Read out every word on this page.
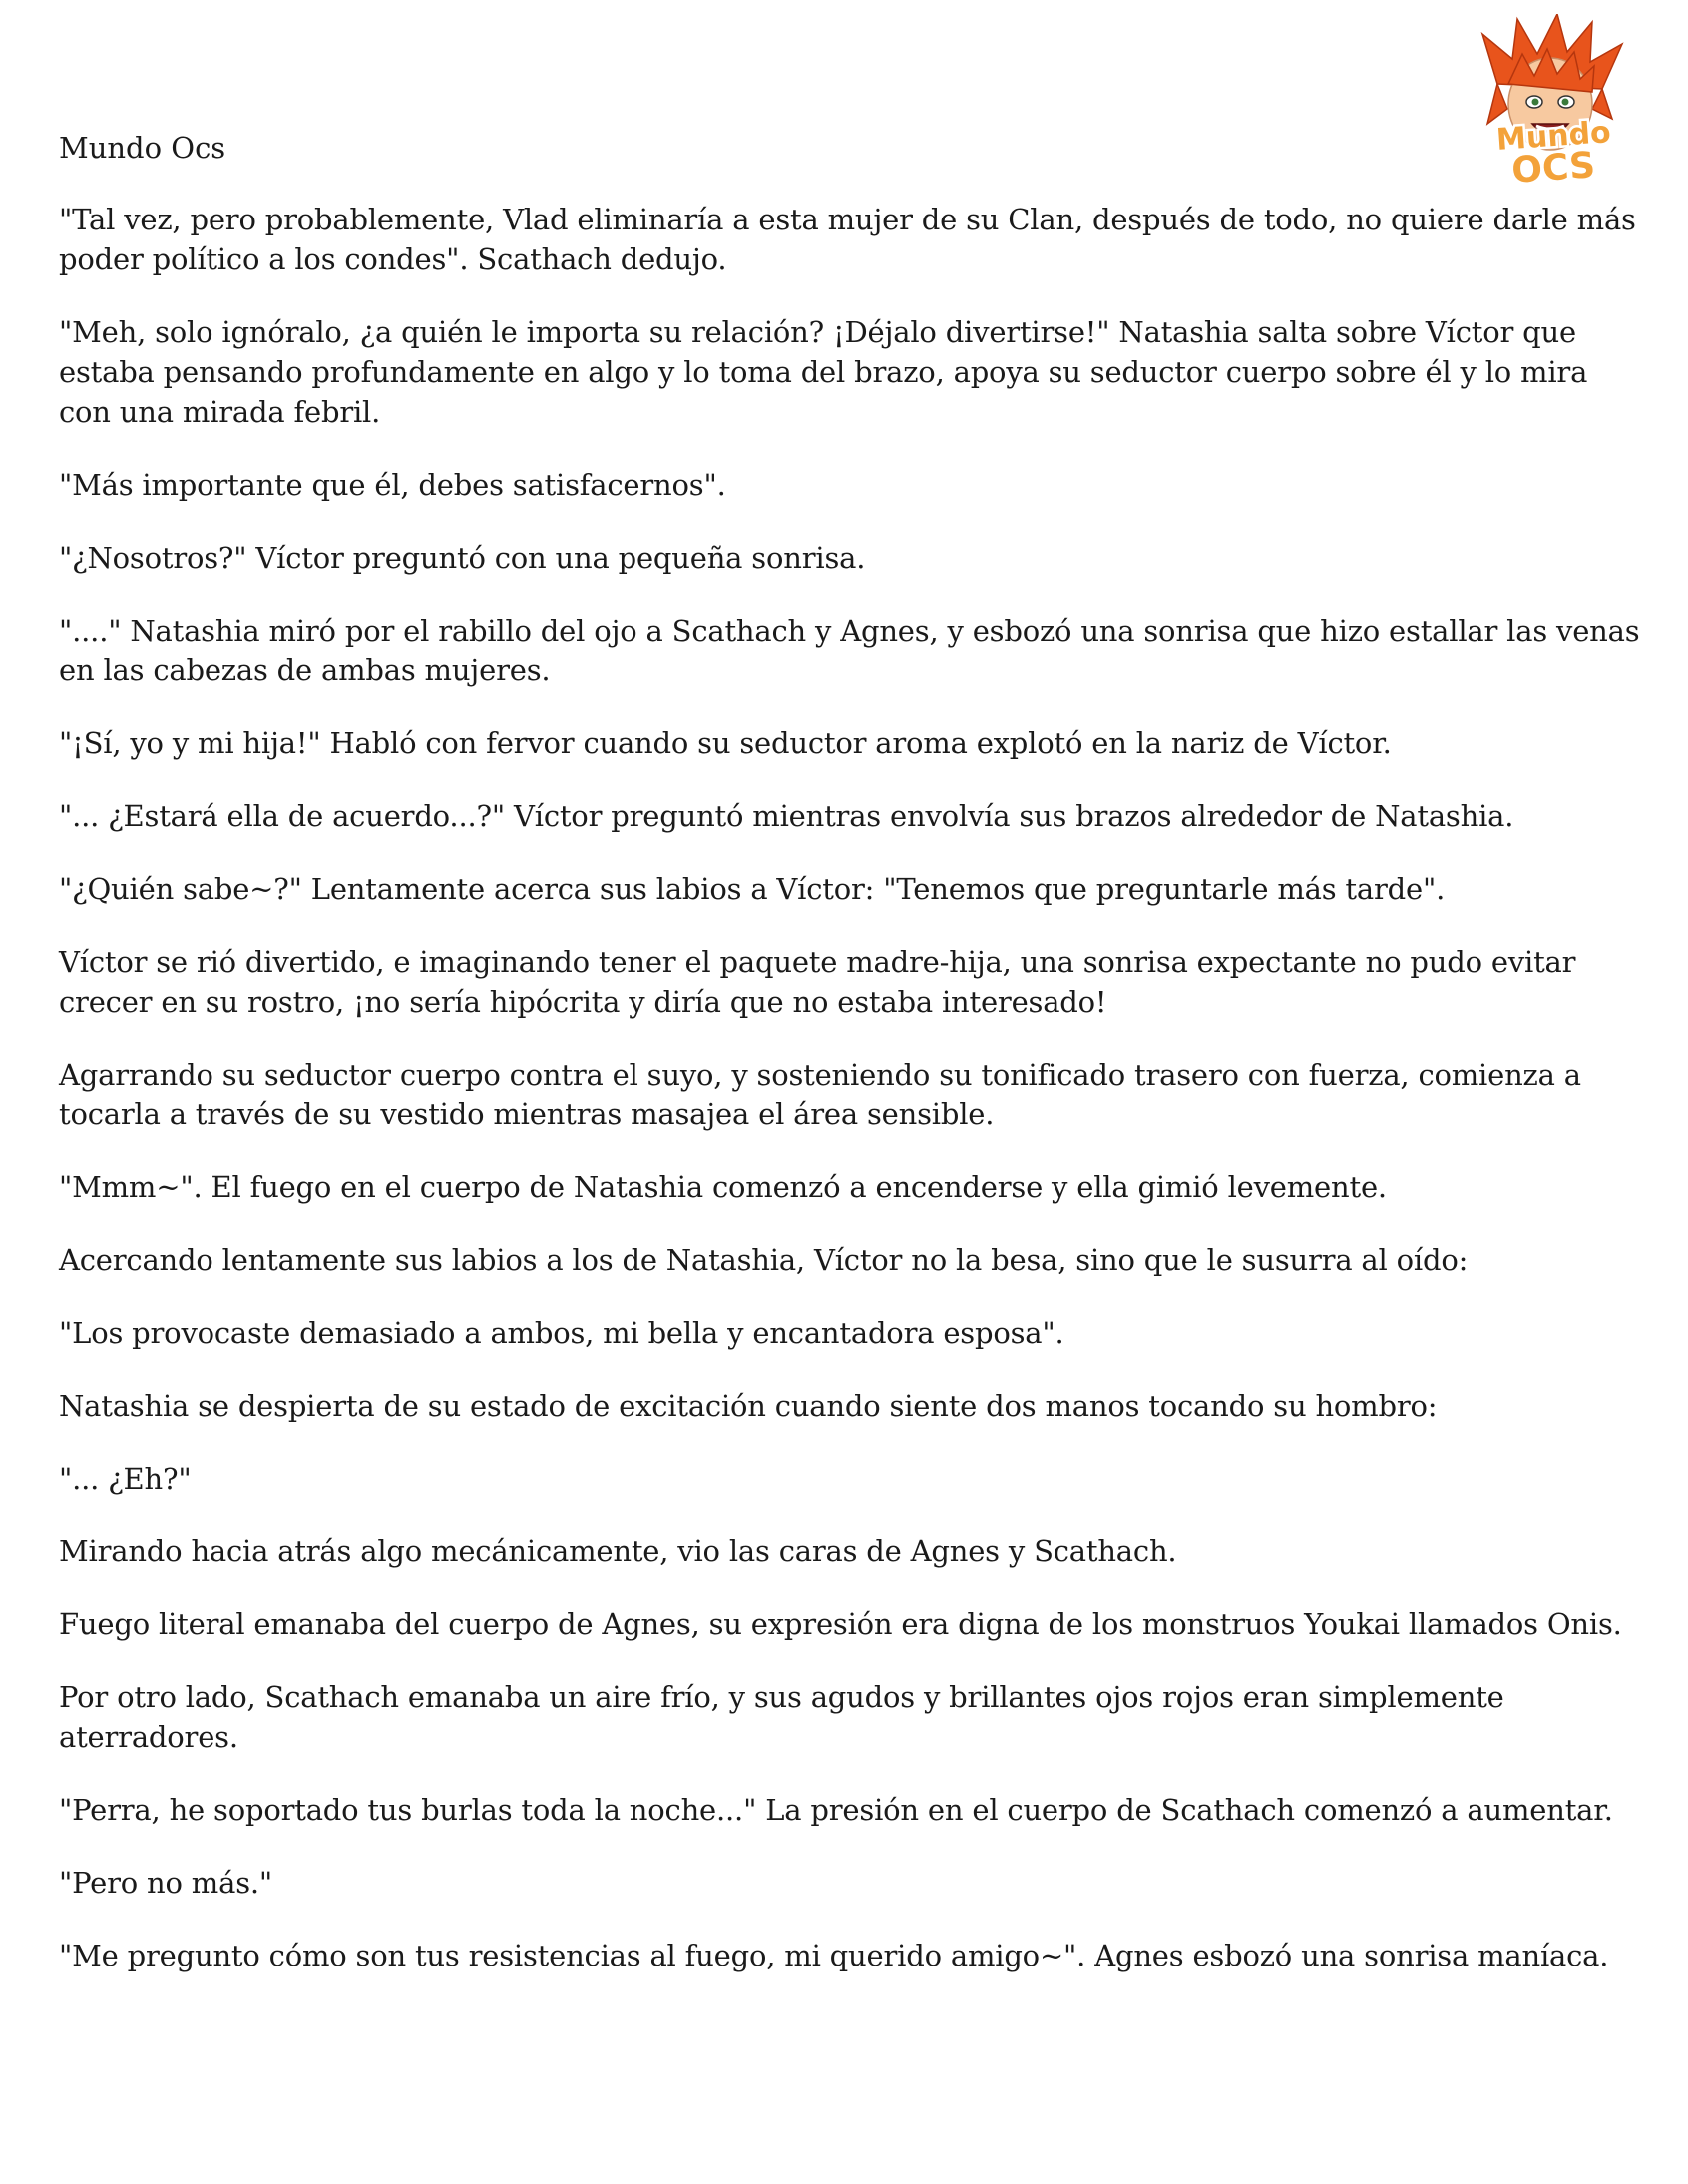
Mundo
OCS
Mundo Ocs

"Tal vez, pero probablemente, Vlad eliminaría a esta mujer de su Clan, después de todo, no quiere darle más poder político a los condes". Scathach dedujo.

"Meh, solo ignóralo, ¿a quién le importa su relación? ¡Déjalo divertirse!" Natashia salta sobre Víctor que estaba pensando profundamente en algo y lo toma del brazo, apoya su seductor cuerpo sobre él y lo mira con una mirada febril.

"Más importante que él, debes satisfacernos".

"¿Nosotros?" Víctor preguntó con una pequeña sonrisa.

"...." Natashia miró por el rabillo del ojo a Scathach y Agnes, y esbozó una sonrisa que hizo estallar las venas en las cabezas de ambas mujeres.

"¡Sí, yo y mi hija!" Habló con fervor cuando su seductor aroma explotó en la nariz de Víctor.

"... ¿Estará ella de acuerdo...?" Víctor preguntó mientras envolvía sus brazos alrededor de Natashia.

"¿Quién sabe~?" Lentamente acerca sus labios a Víctor: "Tenemos que preguntarle más tarde".

Víctor se rió divertido, e imaginando tener el paquete madre-hija, una sonrisa expectante no pudo evitar crecer en su rostro, ¡no sería hipócrita y diría que no estaba interesado!

Agarrando su seductor cuerpo contra el suyo, y sosteniendo su tonificado trasero con fuerza, comienza a tocarla a través de su vestido mientras masajea el área sensible.

"Mmm~". El fuego en el cuerpo de Natashia comenzó a encenderse y ella gimió levemente.

Acercando lentamente sus labios a los de Natashia, Víctor no la besa, sino que le susurra al oído:

"Los provocaste demasiado a ambos, mi bella y encantadora esposa".

Natashia se despierta de su estado de excitación cuando siente dos manos tocando su hombro:

"... ¿Eh?"

Mirando hacia atrás algo mecánicamente, vio las caras de Agnes y Scathach.

Fuego literal emanaba del cuerpo de Agnes, su expresión era digna de los monstruos Youkai llamados Onis.

Por otro lado, Scathach emanaba un aire frío, y sus agudos y brillantes ojos rojos eran simplemente aterradores.

"Perra, he soportado tus burlas toda la noche..." La presión en el cuerpo de Scathach comenzó a aumentar.

"Pero no más."

"Me pregunto cómo son tus resistencias al fuego, mi querido amigo~". Agnes esbozó una sonrisa maníaca.
